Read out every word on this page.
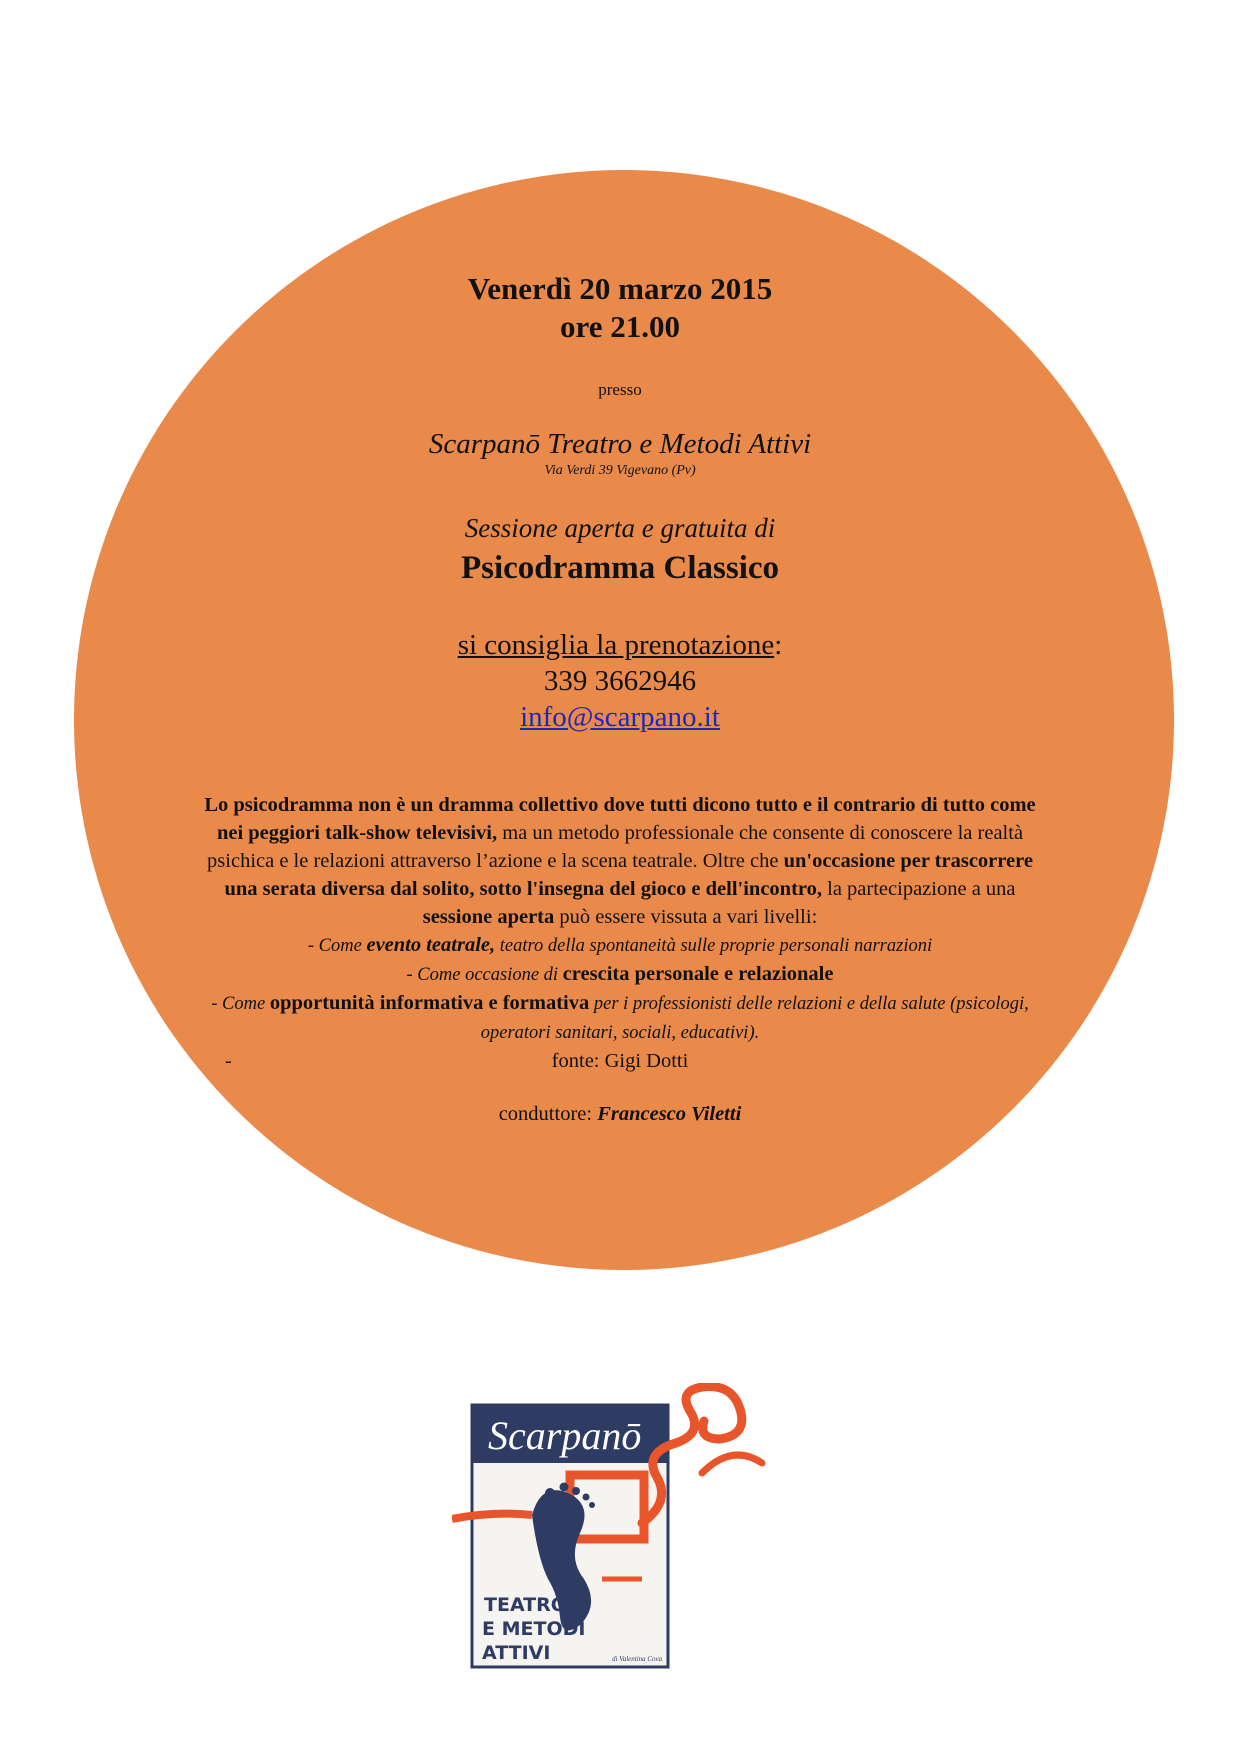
Venerdì 20 marzo 2015
ore 21.00
presso
Scarpanō Treatro e Metodi Attivi
Via Verdi 39 Vigevano (Pv)
Sessione aperta e gratuita di
Psicodramma Classico
si consiglia la prenotazione:
339 3662946
info@scarpano.it
Lo psicodramma non è un dramma collettivo dove tutti dicono tutto e il contrario di tutto come nei peggiori talk-show televisivi, ma un metodo professionale che consente di conoscere la realtà psichica e le relazioni attraverso l’azione e la scena teatrale. Oltre che un'occasione per trascorrere una serata diversa dal solito, sotto l'insegna del gioco e dell'incontro, la partecipazione a una sessione aperta può essere vissuta a vari livelli:
- Come evento teatrale, teatro della spontaneità sulle proprie personali narrazioni
- Come occasione di crescita personale e relazionale
- Come opportunità informativa e formativa per i professionisti delle relazioni e della salute (psicologi, operatori sanitari, sociali, educativi).
-	fonte: Gigi Dotti
conduttore: Francesco Viletti
Scarpanō
TEATRO
E METODI
ATTIVI	di Valentina Cova
